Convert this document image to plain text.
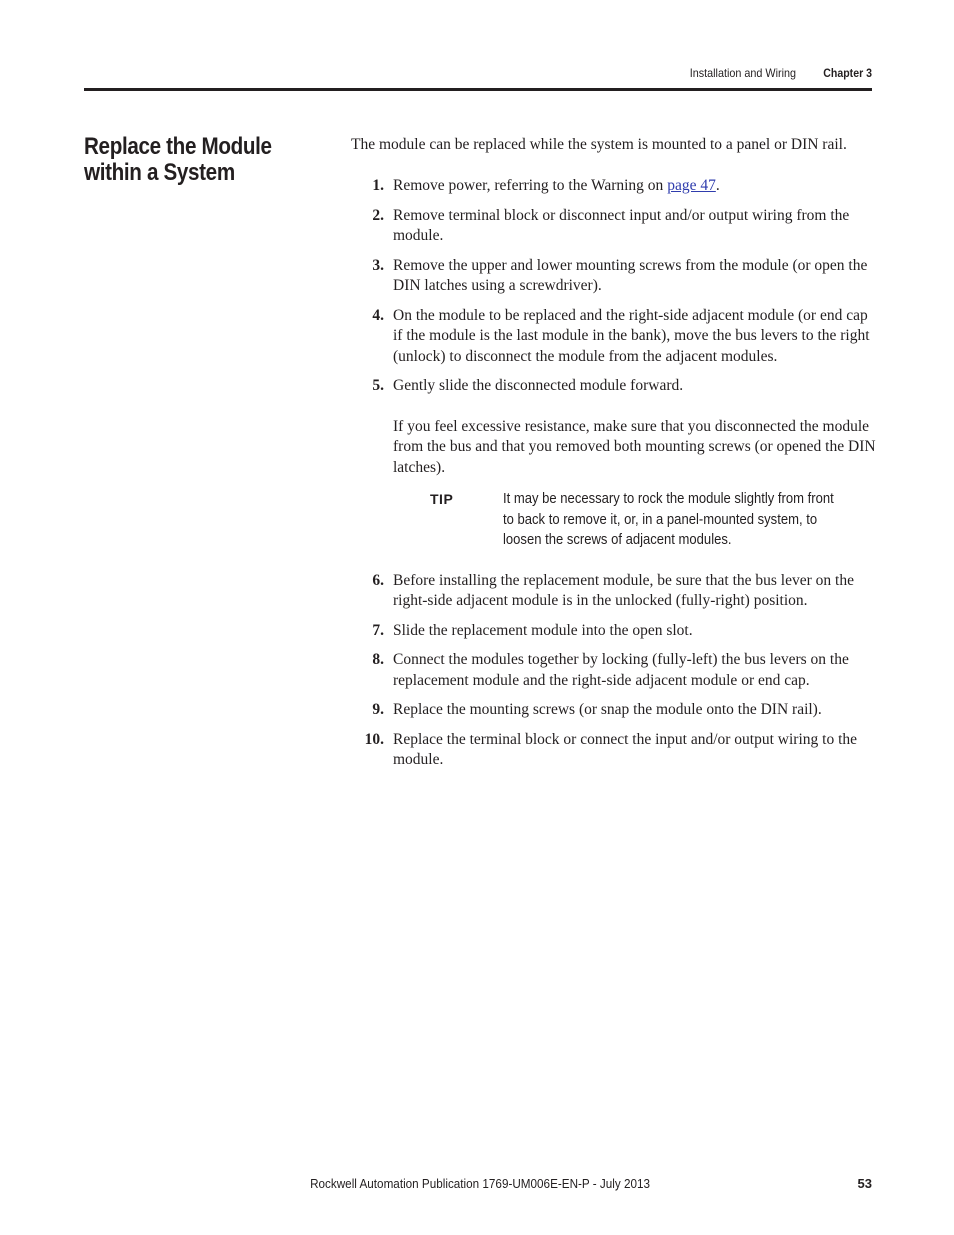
Installation and Wiring	Chapter 3
Replace the Module within a System

The module can be replaced while the system is mounted to a panel or DIN rail.

1. Remove power, referring to the Warning on page 47.
2. Remove terminal block or disconnect input and/or output wiring from the module.
3. Remove the upper and lower mounting screws from the module (or open the DIN latches using a screwdriver).
4. On the module to be replaced and the right-side adjacent module (or end cap if the module is the last module in the bank), move the bus levers to the right (unlock) to disconnect the module from the adjacent modules.
5. Gently slide the disconnected module forward.
If you feel excessive resistance, make sure that you disconnected the module from the bus and that you removed both mounting screws (or opened the DIN latches).
TIP	It may be necessary to rock the module slightly from front to back to remove it, or, in a panel-mounted system, to loosen the screws of adjacent modules.
6. Before installing the replacement module, be sure that the bus lever on the right-side adjacent module is in the unlocked (fully-right) position.
7. Slide the replacement module into the open slot.
8. Connect the modules together by locking (fully-left) the bus levers on the replacement module and the right-side adjacent module or end cap.
9. Replace the mounting screws (or snap the module onto the DIN rail).
10. Replace the terminal block or connect the input and/or output wiring to the module.
Rockwell Automation Publication 1769-UM006E-EN-P - July 2013	53
